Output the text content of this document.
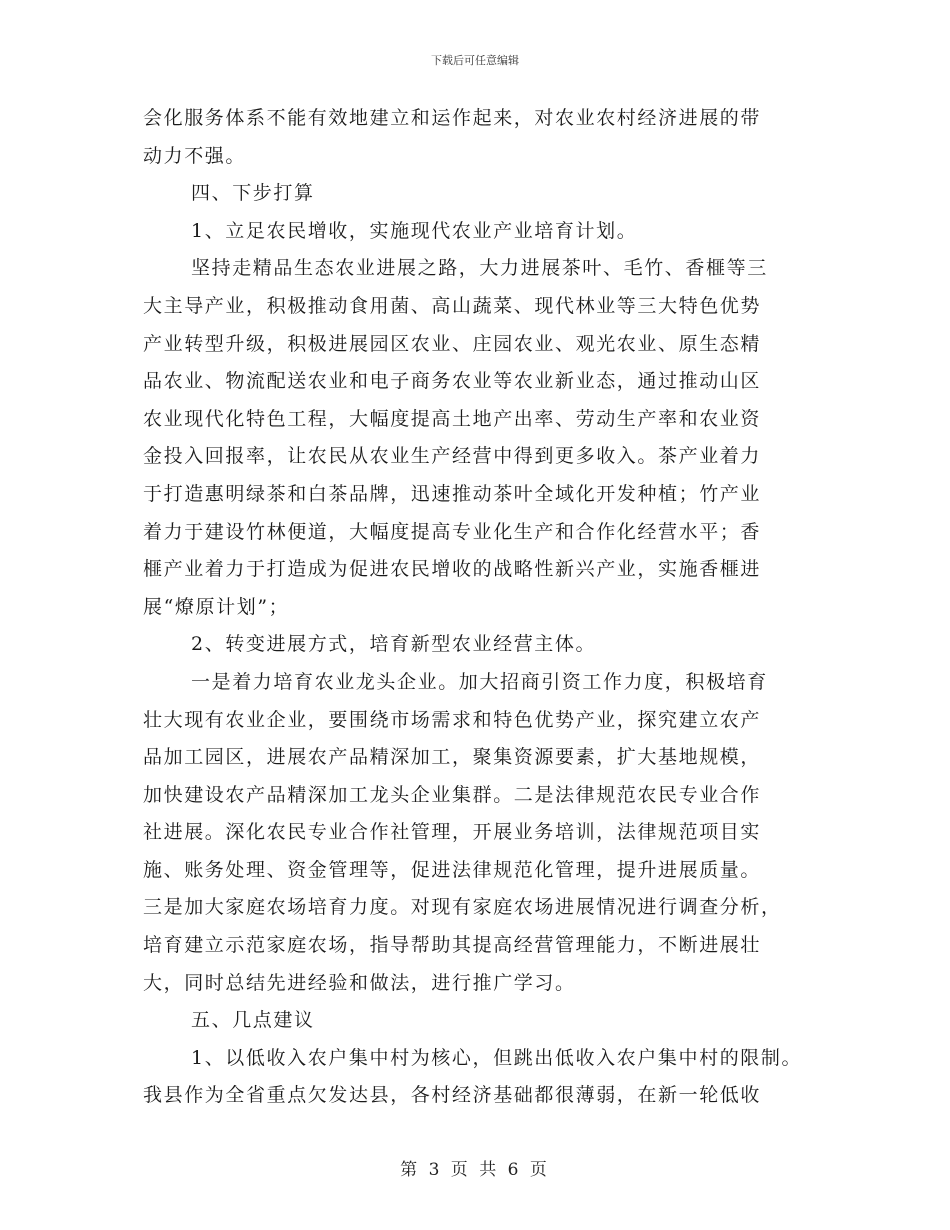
下载后可任意编辑
会化服务体系不能有效地建立和运作起来，对农业农村经济进展的带
动力不强。
四、下步打算
1、立足农民增收，实施现代农业产业培育计划。
坚持走精品生态农业进展之路，大力进展茶叶、毛竹、香榧等三
大主导产业，积极推动食用菌、高山蔬菜、现代林业等三大特色优势
产业转型升级，积极进展园区农业、庄园农业、观光农业、原生态精
品农业、物流配送农业和电子商务农业等农业新业态，通过推动山区
农业现代化特色工程，大幅度提高土地产出率、劳动生产率和农业资
金投入回报率，让农民从农业生产经营中得到更多收入。茶产业着力
于打造惠明绿茶和白茶品牌，迅速推动茶叶全域化开发种植；竹产业
着力于建设竹林便道，大幅度提高专业化生产和合作化经营水平；香
榧产业着力于打造成为促进农民增收的战略性新兴产业，实施香榧进
展“燎原计划”；
2、转变进展方式，培育新型农业经营主体。
一是着力培育农业龙头企业。加大招商引资工作力度，积极培育
壮大现有农业企业，要围绕市场需求和特色优势产业，探究建立农产
品加工园区，进展农产品精深加工，聚集资源要素，扩大基地规模，
加快建设农产品精深加工龙头企业集群。二是法律规范农民专业合作
社进展。深化农民专业合作社管理，开展业务培训，法律规范项目实
施、账务处理、资金管理等，促进法律规范化管理，提升进展质量。
三是加大家庭农场培育力度。对现有家庭农场进展情况进行调查分析，
培育建立示范家庭农场，指导帮助其提高经营管理能力，不断进展壮
大，同时总结先进经验和做法，进行推广学习。
五、几点建议
1、以低收入农户集中村为核心，但跳出低收入农户集中村的限制。
我县作为全省重点欠发达县，各村经济基础都很薄弱，在新一轮低收
第 3 页 共 6 页
